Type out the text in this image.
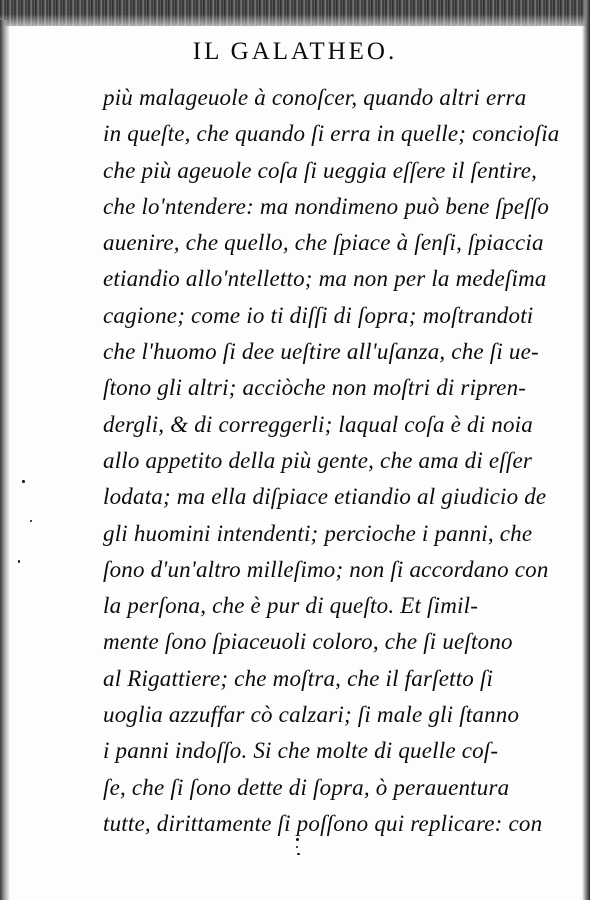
IL GALATHEO.
più malageuole à conoſcer, quando altri erra
in queſte, che quando ſi erra in quelle; concioſia
che più ageuole coſa ſi ueggia eſſere il ſentire,
che lo'ntendere: ma nondimeno può bene ſpeſſo
auenire, che quello, che ſpiace à ſenſi, ſpiaccia
etiandio allo'ntelletto; ma non per la medeſima
cagione; come io ti diſſi di ſopra; moſtrandoti
che l'huomo ſi dee ueſtire all'uſanza, che ſi ue-
ſtono gli altri; acciòche non moſtri di ripren-
dergli, & di correggerli; laqual coſa è di noia
allo appetito della più gente, che ama di eſſer
lodata; ma ella diſpiace etiandio al giudicio de
gli huomini intendenti; percioche i panni, che
ſono d'un'altro milleſimo; non ſi accordano con
la perſona, che è pur di queſto. Et ſimil-
mente ſono ſpiaceuoli coloro, che ſi ueſtono
al Rigattiere; che moſtra, che il farſetto ſi
uoglia azzuffar cò calzari; ſi male gli ſtanno
i panni indoſſo. Si che molte di quelle coſ-
ſe, che ſi ſono dette di ſopra, ò perauentura
tutte, dirittamente ſi poſſono qui replicare: con
